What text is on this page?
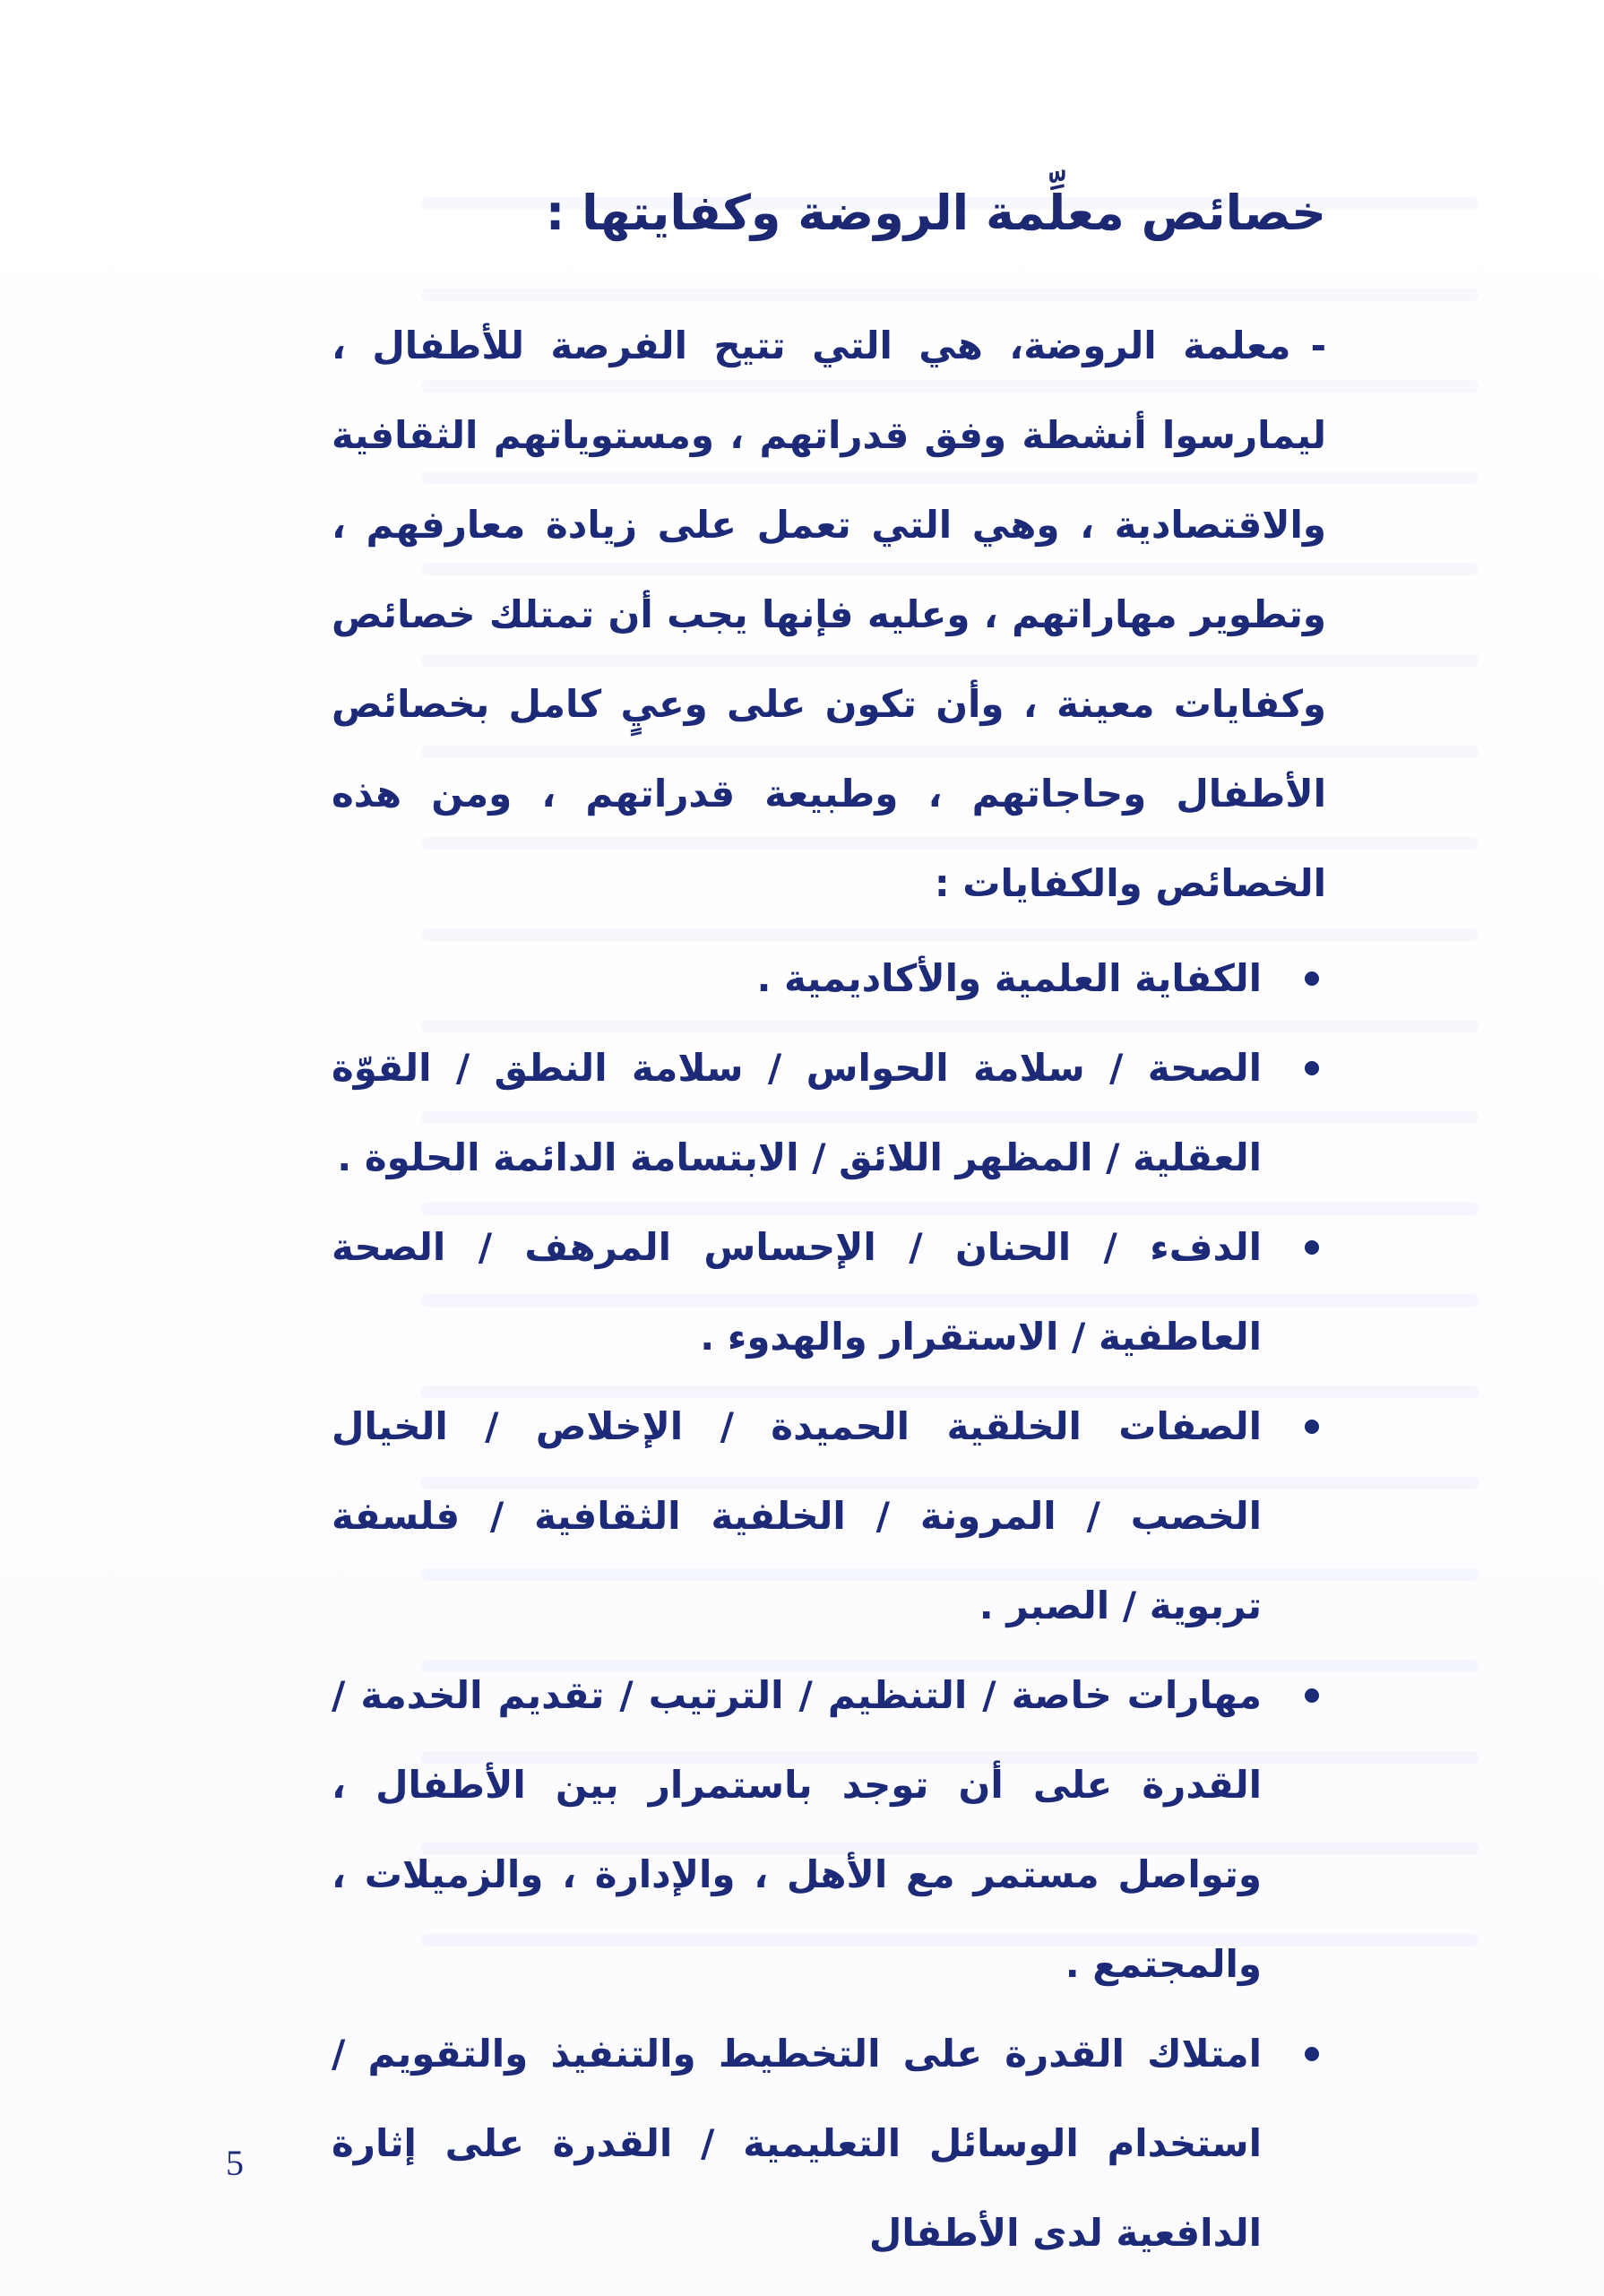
خصائص معلِّمة الروضة وكفايتها :

-معلمة الروضة، هي التي تتيح الفرصة للأطفال ، ليمارسوا أنشطة وفق قدراتهم ، ومستوياتهم الثقافية والاقتصادية ، وهي التي تعمل على زيادة معارفهم ، وتطوير مهاراتهم ، وعليه فإنها يجب أن تمتلك خصائص وكفايات معينة ، وأن تكون على وعيٍ كامل بخصائص الأطفال وحاجاتهم ، وطبيعة قدراتهم ، ومن هذه الخصائص والكفايات :

الكفاية العلمية والأكاديمية .
الصحة / سلامة الحواس / سلامة النطق / القوّة العقلية / المظهر اللائق / الابتسامة الدائمة الحلوة .
الدفء / الحنان / الإحساس المرهف / الصحة العاطفية / الاستقرار والهدوء .
الصفات الخلقية الحميدة / الإخلاص / الخيال الخصب / المرونة / الخلفية الثقافية / فلسفة تربوية / الصبر .
مهارات خاصة / التنظيم / الترتيب / تقديم الخدمة / القدرة على أن توجد باستمرار بين الأطفال ، وتواصل مستمر مع الأهل ، والإدارة ، والزميلات ، والمجتمع .
امتلاك القدرة على التخطيط والتنفيذ والتقويم / استخدام الوسائل التعليمية / القدرة على إثارة الدافعية لدى الأطفال
5
